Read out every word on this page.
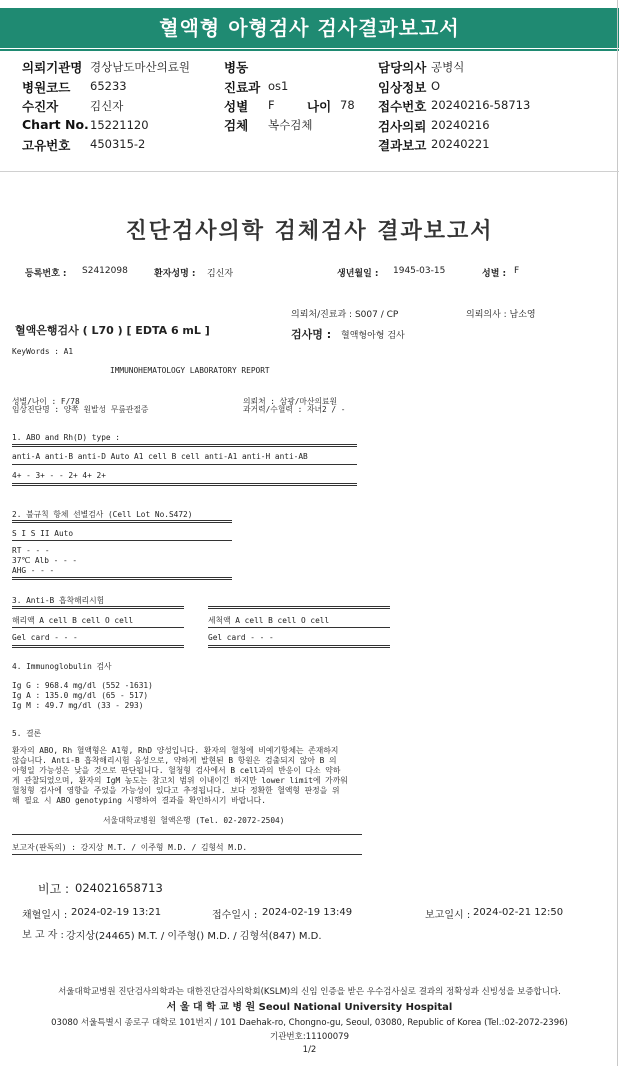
혈액형 아형검사 검사결과보고서
의뢰기관명 경상남도마산의료원
병원코드 65233
수진자	김신자
Chart No. 15221120
고유번호 450315-2
병동
진료과 os1
성별 F	나이 78
검체 복수검체
담당의사 공병식
임상정보 O
접수번호 20240216-58713
검사의뢰 20240216
결과보고 20240221
진단검사의학 검체검사 결과보고서
등록번호 : S2412098	환자성명 : 김신자	생년월일 : 1945-03-15	성별 : F
의뢰처/진료과 : S007 / CP	의뢰의사 : 남소영
혈액은행검사 ( L70 ) [ EDTA 6 mL ]	검사명 : 혈액형아형 검사
KeyWords : A1
IMMUNOHEMATOLOGY LABORATORY REPORT
성별/나이 : F/78
임상진단명 : 양쪽 원발성 무릎관절증
의뢰처 : 삼광/마산의료원
과거력/수혈력 : 자녀2 / -
1. ABO and Rh(D) type :
anti-A anti-B anti-D Auto A1 cell B cell anti-A1 anti-H anti-AB
4+ - 3+ - - 2+ 4+ 2+
2. 불규칙 항체 선별검사 (Cell Lot No.S472)
S I S II Auto
RT - - -
37℃ Alb - - -
AHG - - -
3. Anti-B 흡착해리시험
해리액 A cell B cell O cell
Gel card - - -
세척액 A cell B cell O cell
Gel card - - -
4. Immunoglobulin 검사
Ig G : 968.4 mg/dl (552 -1631)
Ig A : 135.0 mg/dl (65 - 517)
Ig M : 49.7 mg/dl (33 - 293)
5. 결론
환자의 ABO, Rh 혈액형은 A1형, RhD 양성입니다. 환자의 혈청에 비예기항체는 존재하지
않습니다. Anti-B 흡착해리시험 음성으로, 약하게 발현된 B 항원은 검출되지 않아 B 의
아형일 가능성은 낮을 것으로 판단됩니다. 혈청형 검사에서 B cell과의 반응이 다소 약하
게 관찰되었으며, 환자의 IgM 농도는 참고치 범위 이내이긴 하지만 lower limit에 가까워
혈청형 검사에 영향을 주었을 가능성이 있다고 추정됩니다. 보다 정확한 혈액형 판정을 위
해 필요 시 ABO genotyping 시행하여 결과를 확인하시기 바랍니다.
서울대학교병원 혈액은행 (Tel. 02-2072-2504)
보고자(판독의) : 강지상 M.T. / 이주형 M.D. / 김형석 M.D.
비고 : 024021658713
채혈일시 : 2024-02-19 13:21	접수일시 : 2024-02-19 13:49	보고일시 : 2024-02-21 12:50
보 고 자 : 강지상(24465) M.T. / 이주형() M.D. / 김형석(847) M.D.
서울대학교병원 진단검사의학과는 대한진단검사의학회(KSLM)의 신임 인증을 받은 우수검사실로 결과의 정확성과 신빙성을 보증합니다.
서 울 대 학 교 병 원 Seoul National University Hospital
03080 서울특별시 종로구 대학로 101번지 / 101 Daehak-ro, Chongno-gu, Seoul, 03080, Republic of Korea (Tel.:02-2072-2396)
기관번호:11100079
1/2
